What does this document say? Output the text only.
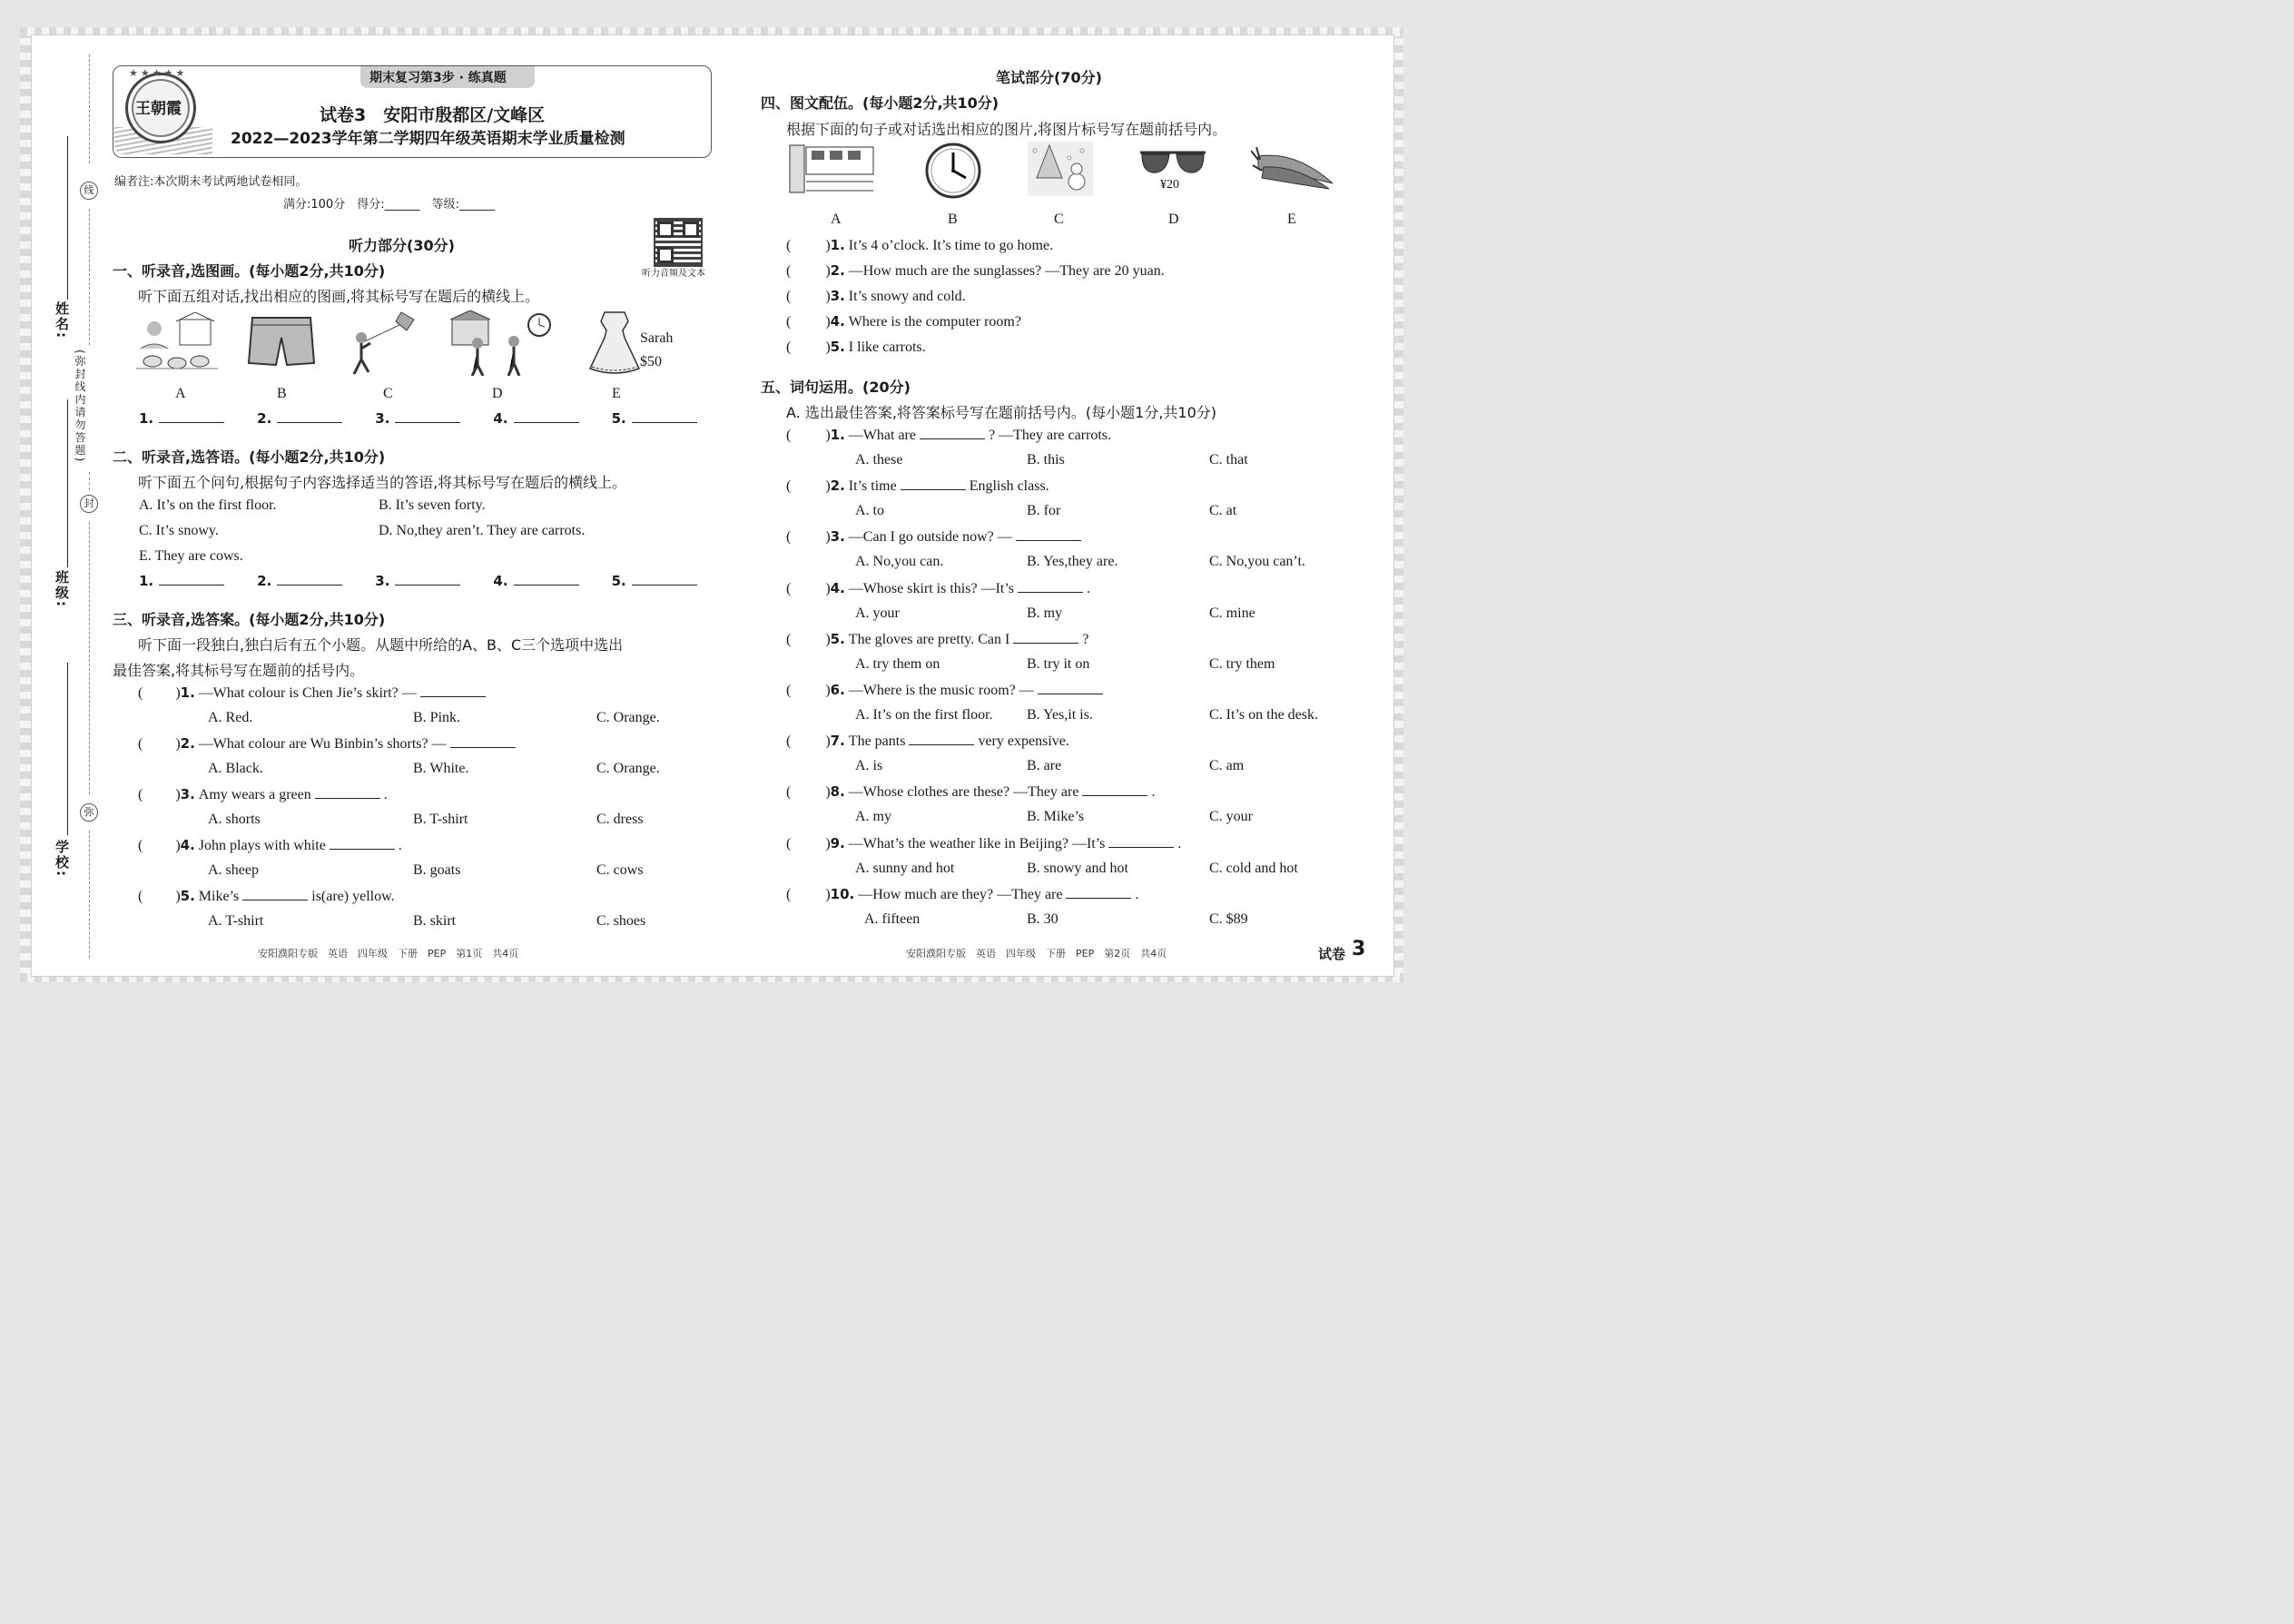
线
(弥封线内请勿答题)
封
弥
姓名:
班级:
学校:
王朝霞
★★★★★	期末复习第3步 · 练真题
试卷3　安阳市殷都区/文峰区
2022—2023学年第二学期四年级英语期末学业质量检测
编者注:本次期末考试两地试卷相同。
满分:100分　得分:______　等级:______
听力音频及文本
听力部分(30分)
一、听录音,选图画。(每小题2分,共10分)
听下面五组对话,找出相应的图画,将其标号写在题后的横线上。
Sarah
$50
A	B	C	D	E
1.	2.	3.	4.	5.
二、听录音,选答语。(每小题2分,共10分)
听下面五个问句,根据句子内容选择适当的答语,将其标号写在题后的横线上。
A. It’s on the first floor.	B. It’s seven forty.
C. It’s snowy.	D. No,they aren’t. They are carrots.
E. They are cows.
1.	2.	3.	4.	5.
三、听录音,选答案。(每小题2分,共10分)
听下面一段独白,独白后有五个小题。从题中所给的A、B、C三个选项中选出
最佳答案,将其标号写在题前的括号内。
( )1. —What colour is Chen Jie’s skirt? —
A. Red.	B. Pink.	C. Orange.
( )2. —What colour are Wu Binbin’s shorts? —
A. Black.	B. White.	C. Orange.
( )3. Amy wears a green	.
A. shorts	B. T-shirt	C. dress
( )4. John plays with white	.
A. sheep	B. goats	C. cows
( )5. Mike’s	is(are) yellow.
A. T-shirt	B. skirt	C. shoes
笔试部分(70分)
四、图文配伍。(每小题2分,共10分)
根据下面的句子或对话选出相应的图片,将图片标号写在题前括号内。
¥20
A	B	C	D	E
( )1. It’s 4 o’clock. It’s time to go home.
( )2. —How much are the sunglasses? —They are 20 yuan.
( )3. It’s snowy and cold.
( )4. Where is the computer room?
( )5. I like carrots.
五、词句运用。(20分)
A. 选出最佳答案,将答案标号写在题前括号内。(每小题1分,共10分)
( )1. —What are	? —They are carrots.
A. these	B. this	C. that
( )2. It’s time	English class.
A. to	B. for	C. at
( )3. —Can I go outside now? —
A. No,you can.	B. Yes,they are.	C. No,you can’t.
( )4. —Whose skirt is this? —It’s	.
A. your	B. my	C. mine
( )5. The gloves are pretty. Can I	?
A. try them on	B. try it on	C. try them
( )6. —Where is the music room? —
A. It’s on the first floor. B. Yes,it is.	C. It’s on the desk.
( )7. The pants	very expensive.
A. is	B. are	C. am
( )8. —Whose clothes are these? —They are	.
A. my	B. Mike’s	C. your
( )9. —What’s the weather like in Beijing? —It’s	.
A. sunny and hot	B. snowy and hot	C. cold and hot
( )10. —How much are they? —They are	.
A. fifteen	B. 30	C. $89
安阳濮阳专版　英语　四年级　下册　PEP　第1页　共4页	安阳濮阳专版　英语　四年级　下册　PEP　第2页　共4页	试卷 3
